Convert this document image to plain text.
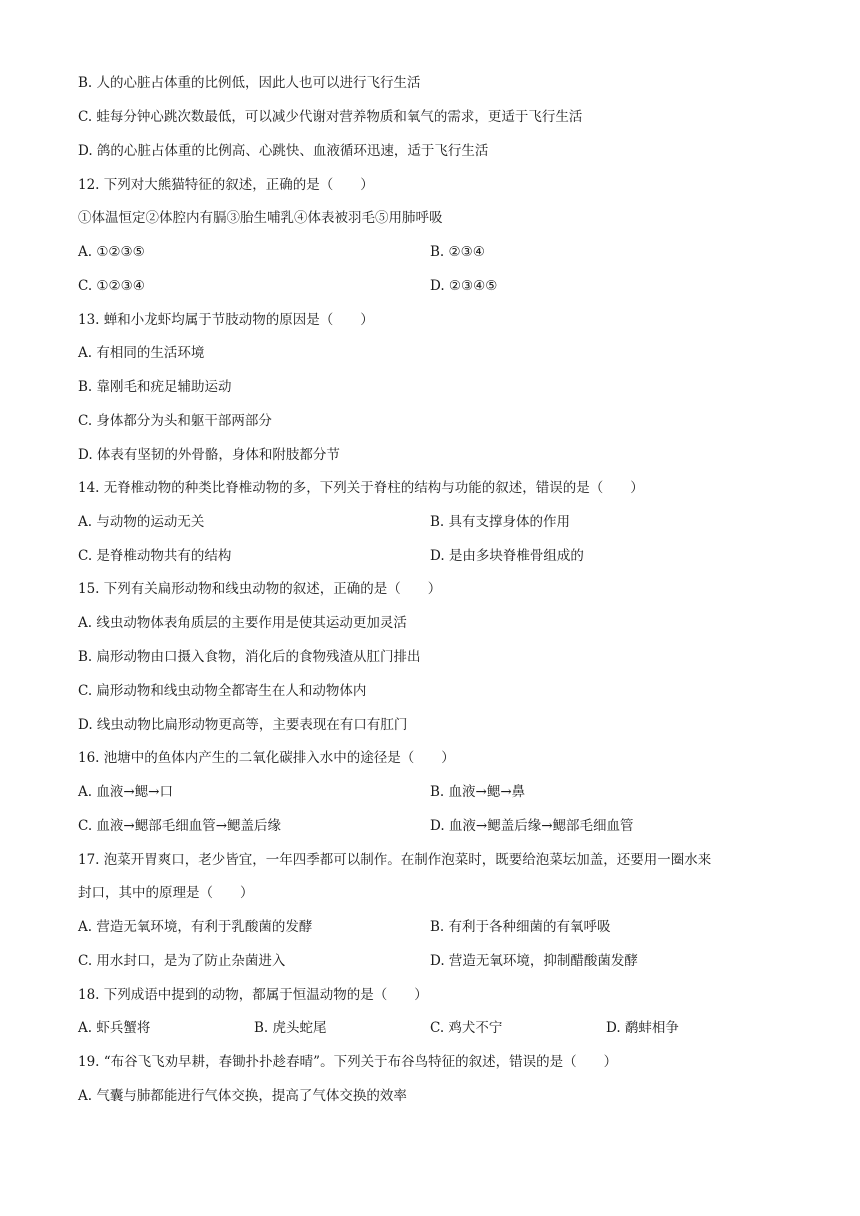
B. 人的心脏占体重的比例低，因此人也可以进行飞行生活
C. 蛙每分钟心跳次数最低，可以减少代谢对营养物质和氧气的需求，更适于飞行生活
D. 鸽的心脏占体重的比例高、心跳快、血液循环迅速，适于飞行生活
12. 下列对大熊猫特征的叙述，正确的是（　　）
①体温恒定②体腔内有膈③胎生哺乳④体表被羽毛⑤用肺呼吸
A. ①②③⑤	B. ②③④
C. ①②③④	D. ②③④⑤
13. 蝉和小龙虾均属于节肢动物的原因是（　　）
A. 有相同的生活环境
B. 靠刚毛和疣足辅助运动
C. 身体都分为头和躯干部两部分
D. 体表有坚韧的外骨骼，身体和附肢都分节
14. 无脊椎动物的种类比脊椎动物的多，下列关于脊柱的结构与功能的叙述，错误的是（　　）
A. 与动物的运动无关	B. 具有支撑身体的作用
C. 是脊椎动物共有的结构	D. 是由多块脊椎骨组成的
15. 下列有关扁形动物和线虫动物的叙述，正确的是（　　）
A. 线虫动物体表角质层的主要作用是使其运动更加灵活
B. 扁形动物由口摄入食物，消化后的食物残渣从肛门排出
C. 扁形动物和线虫动物全都寄生在人和动物体内
D. 线虫动物比扁形动物更高等，主要表现在有口有肛门
16. 池塘中的鱼体内产生的二氧化碳排入水中的途径是（　　）
A. 血液→鳃→口	B. 血液→鳃→鼻
C. 血液→鳃部毛细血管→鳃盖后缘	D. 血液→鳃盖后缘→鳃部毛细血管
17. 泡菜开胃爽口，老少皆宜，一年四季都可以制作。在制作泡菜时，既要给泡菜坛加盖，还要用一圈水来
封口，其中的原理是（　　）
A. 营造无氧环境，有利于乳酸菌的发酵	B. 有利于各种细菌的有氧呼吸
C. 用水封口，是为了防止杂菌进入	D. 营造无氧环境，抑制醋酸菌发酵
18. 下列成语中提到的动物，都属于恒温动物的是（　　）
A. 虾兵蟹将	B. 虎头蛇尾	C. 鸡犬不宁	D. 鹬蚌相争
19. “布谷飞飞劝早耕，春锄扑扑趁春晴”。下列关于布谷鸟特征的叙述，错误的是（　　）
A. 气囊与肺都能进行气体交换，提高了气体交换的效率
